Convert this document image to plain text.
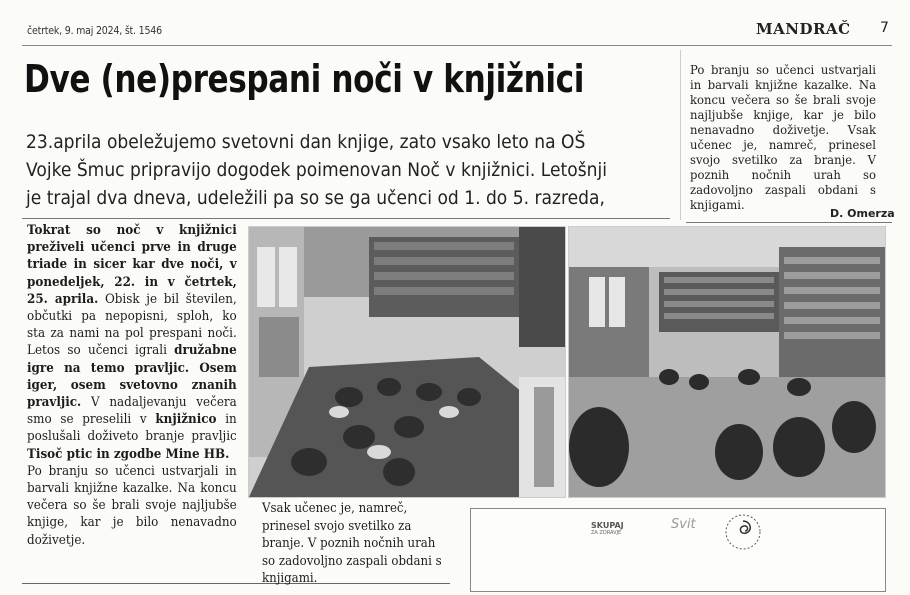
četrtek, 9. maj 2024, št. 1546	MANDRAČ 7
Dve (ne)prespani noči v knjižnici
23.aprila obeležujemo svetovni dan knjige, zato vsako leto na OŠ Vojke Šmuc pripravijo dogodek poimenovan Noč v knjižnici. Letošnji je trajal dva dneva, udeležili pa so se ga učenci od 1. do 5. razreda,
Po branju so učenci ustvarjali in barvali knjižne kazalke. Na koncu večera so še brali svoje najljubše knjige, kar je bilo nenavadno doživetje. Vsak učenec je, namreč, prinesel svojo svetilko za branje. V poznih nočnih urah so zadovoljno zaspali obdani s knjigami.
D. Omerza

Tokrat so noč v knjižnici preživeli učenci prve in druge triade in sicer kar dve noči, v ponedeljek, 22. in v četrtek, 25. aprila. Obisk je bil številen, občutki pa nepopisni, sploh, ko sta za nami na pol prespani noči. Letos so učenci igrali družabne igre na temo pravljic. Osem iger, osem svetovno znanih pravljic. V nadaljevanju večera smo se preselili v knjižnico in poslušali doživeto branje pravljic Tisoč ptic in zgodbe Mine HB.

Po branju so učenci ustvarjali in barvali knjižne kazalke. Na koncu večera so še brali svoje najljubše knjige, kar je bilo nenavadno doživetje.

Vsak učenec je, namreč, prinesel svojo svetilko za branje. V poznih nočnih urah so zadovoljno zaspali obdani s knjigami.
SKUPAJ
ZA ZDRAVJE
Svit
